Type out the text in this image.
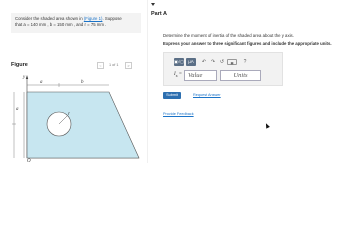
Consider the shaded area shown in (Figure 1). Suppose
that a = 140 mm , b = 150 mm , and r = 75 mm .
Figure	<	1 of 1	>
y
a	b
r
a
O
Part A
Determine the moment of inertia of the shaded area about the y axis.
Express your answer to three significant figures and include the appropriate units.
▣√▢ μA	↶ ↷ ↺	▦	?
$I_x$ = Value	Units
Submit	Request Answer
Provide Feedback
